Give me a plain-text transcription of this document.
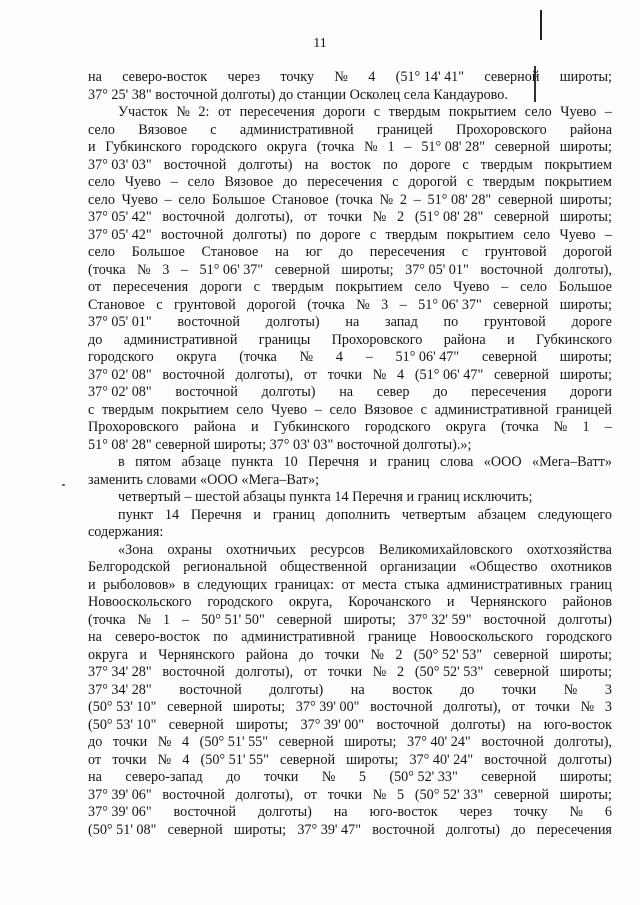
11
на северо-восток через точку № 4 (51° 14' 41" северной широты;
37° 25' 38" восточной долготы) до станции Осколец села Кандаурово.
Участок № 2: от пересечения дороги с твердым покрытием село Чуево –
село Вязовое с административной границей Прохоровского района
и Губкинского городского округа (точка № 1 – 51° 08' 28" северной широты;
37° 03' 03" восточной долготы) на восток по дороге с твердым покрытием
село Чуево – село Вязовое до пересечения с дорогой с твердым покрытием
село Чуево – село Большое Становое (точка № 2 – 51° 08' 28" северной широты;
37° 05' 42" восточной долготы), от точки № 2 (51° 08' 28" северной широты;
37° 05' 42" восточной долготы) по дороге с твердым покрытием село Чуево –
село Большое Становое на юг до пересечения с грунтовой дорогой
(точка № 3 – 51° 06' 37" северной широты; 37° 05' 01" восточной долготы),
от пересечения дороги с твердым покрытием село Чуево – село Большое
Становое с грунтовой дорогой (точка № 3 – 51° 06' 37" северной широты;
37° 05' 01" восточной долготы) на запад по грунтовой дороге
до административной границы Прохоровского района и Губкинского
городского округа (точка № 4 – 51° 06' 47" северной широты;
37° 02' 08" восточной долготы), от точки № 4 (51° 06' 47" северной широты;
37° 02' 08" восточной долготы) на север до пересечения дороги
с твердым покрытием село Чуево – село Вязовое с административной границей
Прохоровского района и Губкинского городского округа (точка № 1 –
51° 08' 28" северной широты; 37° 03' 03" восточной долготы).»;
в пятом абзаце пункта 10 Перечня и границ слова «ООО «Мега–Ватт»
заменить словами «ООО «Мега–Ват»;
четвертый – шестой абзацы пункта 14 Перечня и границ исключить;
пункт 14 Перечня и границ дополнить четвертым абзацем следующего
содержания:
«Зона охраны охотничьих ресурсов Великомихайловского охотхозяйства
Белгородской региональной общественной организации «Общество охотников
и рыболовов» в следующих границах: от места стыка административных границ
Новооскольского городского округа, Корочанского и Чернянского районов
(точка № 1 – 50° 51' 50" северной широты; 37° 32' 59" восточной долготы)
на северо-восток по административной границе Новооскольского городского
округа и Чернянского района до точки № 2 (50° 52' 53" северной широты;
37° 34' 28" восточной долготы), от точки № 2 (50° 52' 53" северной широты;
37° 34' 28" восточной долготы) на восток до точки № 3
(50° 53' 10" северной широты; 37° 39' 00" восточной долготы), от точки № 3
(50° 53' 10" северной широты; 37° 39' 00" восточной долготы) на юго-восток
до точки № 4 (50° 51' 55" северной широты; 37° 40' 24" восточной долготы),
от точки № 4 (50° 51' 55" северной широты; 37° 40' 24" восточной долготы)
на северо-запад до точки № 5 (50° 52' 33" северной широты;
37° 39' 06" восточной долготы), от точки № 5 (50° 52' 33" северной широты;
37° 39' 06" восточной долготы) на юго-восток через точку № 6
(50° 51' 08" северной широты; 37° 39' 47" восточной долготы) до пересечения
